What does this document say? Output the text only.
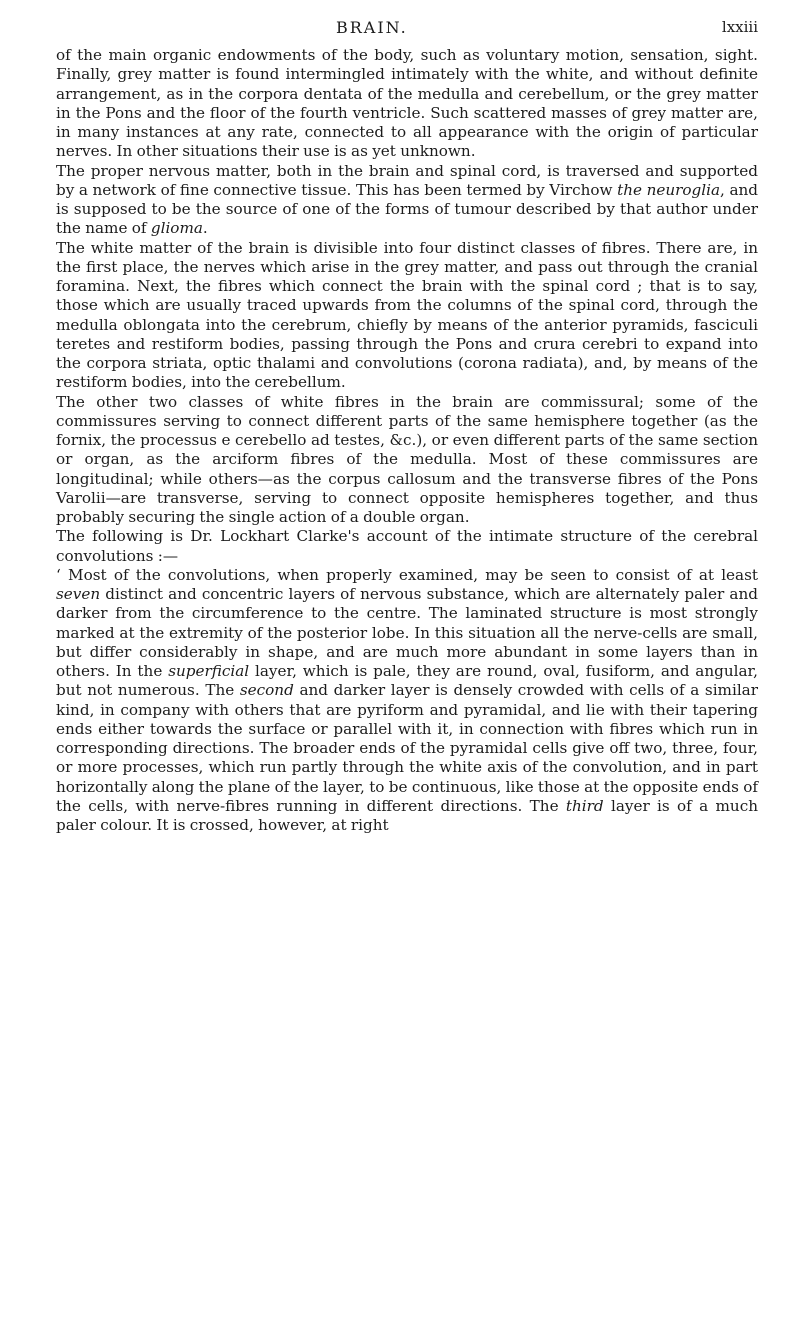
BRAIN.	lxxiii

of the main organic endowments of the body, such as voluntary motion, sensation, sight. Finally, grey matter is found intermingled intimately with the white, and without definite arrangement, as in the corpora dentata of the medulla and cerebellum, or the grey matter in the Pons and the floor of the fourth ventricle. Such scattered masses of grey matter are, in many instances at any rate, connected to all appearance with the origin of particular nerves. In other situations their use is as yet unknown.

The proper nervous matter, both in the brain and spinal cord, is traversed and supported by a network of fine connective tissue. This has been termed by Virchow the neuroglia, and is supposed to be the source of one of the forms of tumour described by that author under the name of glioma.

The white matter of the brain is divisible into four distinct classes of fibres. There are, in the first place, the nerves which arise in the grey matter, and pass out through the cranial foramina. Next, the fibres which connect the brain with the spinal cord ; that is to say, those which are usually traced upwards from the columns of the spinal cord, through the medulla oblongata into the cerebrum, chiefly by means of the anterior pyramids, fasciculi teretes and restiform bodies, passing through the Pons and crura cerebri to expand into the corpora striata, optic thalami and convolutions (corona radiata), and, by means of the restiform bodies, into the cerebellum.

The other two classes of white fibres in the brain are commissural; some of the commissures serving to connect different parts of the same hemisphere together (as the fornix, the processus e cerebello ad testes, &c.), or even different parts of the same section or organ, as the arciform fibres of the medulla. Most of these commissures are longitudinal; while others—as the corpus callosum and the transverse fibres of the Pons Varolii—are transverse, serving to connect opposite hemispheres together, and thus probably securing the single action of a double organ.

The following is Dr. Lockhart Clarke's account of the intimate structure of the cerebral convolutions :—

‘ Most of the convolutions, when properly examined, may be seen to consist of at least seven distinct and concentric layers of nervous substance, which are alternately paler and darker from the circumference to the centre. The laminated structure is most strongly marked at the extremity of the posterior lobe. In this situation all the nerve-cells are small, but differ considerably in shape, and are much more abundant in some layers than in others. In the superficial layer, which is pale, they are round, oval, fusiform, and angular, but not numerous. The second and darker layer is densely crowded with cells of a similar kind, in company with others that are pyriform and pyramidal, and lie with their tapering ends either towards the surface or parallel with it, in connection with fibres which run in corresponding directions. The broader ends of the pyramidal cells give off two, three, four, or more processes, which run partly through the white axis of the convolution, and in part horizontally along the plane of the layer, to be continuous, like those at the opposite ends of the cells, with nerve-fibres running in different directions. The third layer is of a much paler colour. It is crossed, however, at right
